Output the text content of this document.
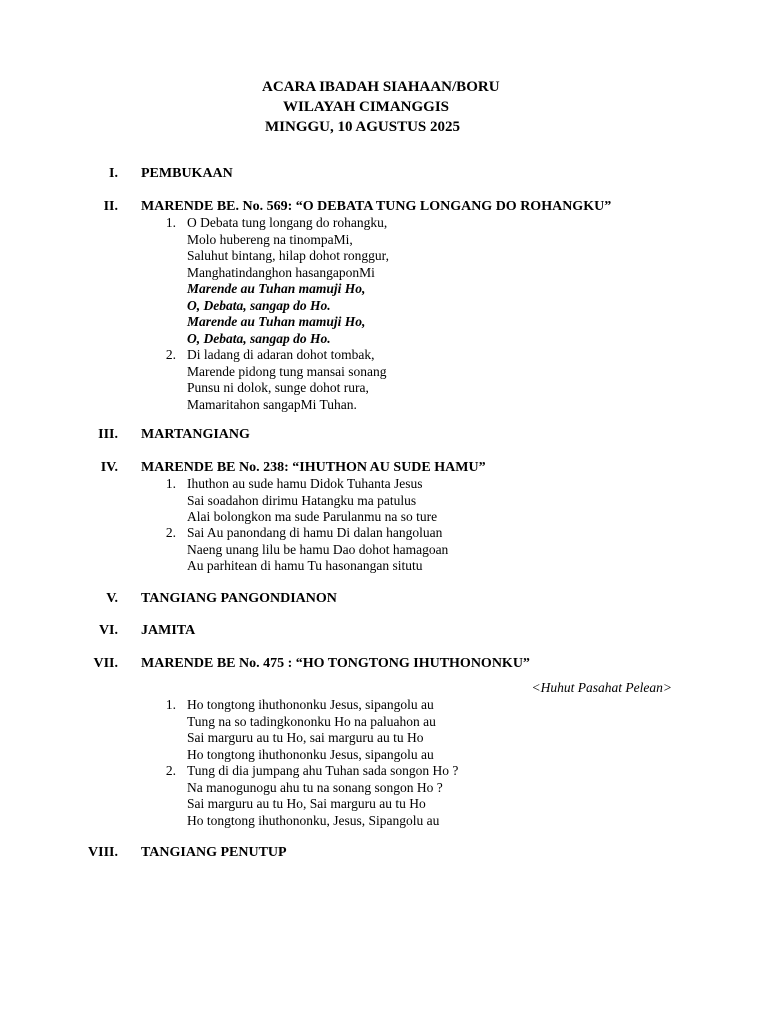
ACARA IBADAH SIAHAAN/BORU
WILAYAH CIMANGGIS
MINGGU, 10 AGUSTUS 2025
I. PEMBUKAAN
II. MARENDE BE. No. 569: “O DEBATA TUNG LONGANG DO ROHANGKU”
1. O Debata tung longang do rohangku,
Molo hubereng na tinompaMi,
Saluhut bintang, hilap dohot ronggur,
Manghatindanghon hasangaponMi
Marende au Tuhan mamuji Ho,
O, Debata, sangap do Ho.
Marende au Tuhan mamuji Ho,
O, Debata, sangap do Ho.
2. Di ladang di adaran dohot tombak,
Marende pidong tung mansai sonang
Punsu ni dolok, sunge dohot rura,
Mamaritahon sangapMi Tuhan.
III. MARTANGIANG
IV. MARENDE BE No. 238: “IHUTHON AU SUDE HAMU”
1. Ihuthon au sude hamu Didok Tuhanta Jesus
Sai soadahon dirimu Hatangku ma patulus
Alai bolongkon ma sude Parulanmu na so ture
2. Sai Au panondang di hamu Di dalan hangoluan
Naeng unang lilu be hamu Dao dohot hamagoan
Au parhitean di hamu Tu hasonangan situtu
V. TANGIANG PANGONDIANON
VI. JAMITA
VII. MARENDE BE No. 475 : “HO TONGTONG IHUTHONONKU”
<Huhut Pasahat Pelean>
1. Ho tongtong ihuthononku Jesus, sipangolu au
Tung na so tadingkononku Ho na paluahon au
Sai marguru au tu Ho, sai marguru au tu Ho
Ho tongtong ihuthononku Jesus, sipangolu au
2. Tung di dia jumpang ahu Tuhan sada songon Ho ?
Na manogunogu ahu tu na sonang songon Ho ?
Sai marguru au tu Ho, Sai marguru au tu Ho
Ho tongtong ihuthononku, Jesus, Sipangolu au
VIII. TANGIANG PENUTUP
